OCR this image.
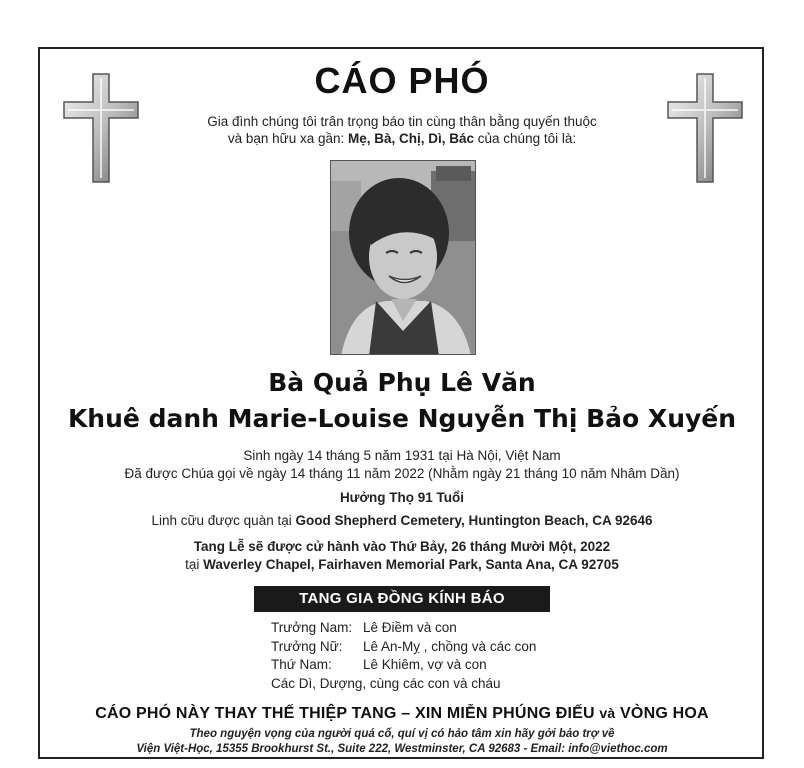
CÁO PHÓ
Gia đình chúng tôi trân trọng báo tin cùng thân bằng quyến thuộc
và bạn hữu xa gần: Mẹ, Bà, Chị, Dì, Bác của chúng tôi là:
Bà Quả Phụ Lê Văn
Khuê danh Marie-Louise Nguyễn Thị Bảo Xuyến
Sinh ngày 14 tháng 5 năm 1931 tại Hà Nội, Việt Nam
Đã được Chúa gọi về ngày 14 tháng 11 năm 2022 (Nhằm ngày 21 tháng 10 năm Nhâm Dần)
Hưởng Thọ 91 Tuổi
Linh cữu được quàn tại Good Shepherd Cemetery, Huntington Beach, CA 92646
Tang Lễ sẽ được cử hành vào Thứ Bảy, 26 tháng Mười Một, 2022
tại Waverley Chapel, Fairhaven Memorial Park, Santa Ana, CA 92705
TANG GIA ĐỒNG KÍNH BÁO
Trưởng Nam: Lê Điềm và con
Trưởng Nữ: Lê An-Mỵ , chồng và các con
Thứ Nam: Lê Khiêm, vợ và con
Các Dì, Dượng, cùng các con và cháu
CÁO PHÓ NÀY THAY THẾ THIỆP TANG – XIN MIỄN PHÚNG ĐIẾU và VÒNG HOA
Theo nguyện vọng của người quá cố, quí vị có hảo tâm xin hãy gởi bảo trợ về
Viện Việt-Học, 15355 Brookhurst St., Suite 222, Westminster, CA 92683 - Email: info@viethoc.com
